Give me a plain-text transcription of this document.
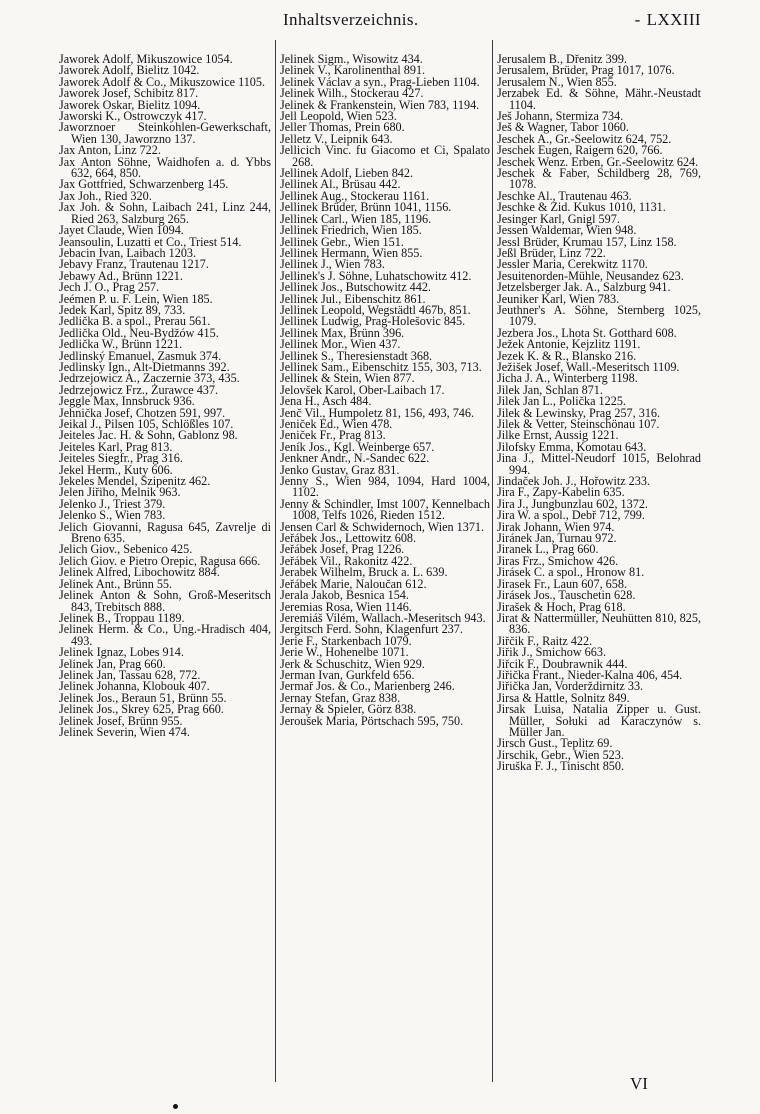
Inhaltsverzeichnis.	- LXXIII

Jaworek Adolf, Mikuszowice 1054.

Jaworek Adolf, Bielitz 1042.

Jaworek Adolf & Co., Mikuszowice 1105.

Jaworek Josef, Schibitz 817.

Jaworek Oskar, Bielitz 1094.

Jaworski K., Ostrowczyk 417.

Jaworznoer Steinkohlen-Gewerkschaft, Wien 130, Jaworzno 137.

Jax Anton, Linz 722.

Jax Anton Söhne, Waidhofen a. d. Ybbs 632, 664, 850.

Jax Gottfried, Schwarzenberg 145.

Jax Joh., Ried 320.

Jax Joh. & Sohn, Laibach 241, Linz 244, Ried 263, Salzburg 265.

Jayet Claude, Wien 1094.

Jeansoulin, Luzatti et Co., Triest 514.

Jebacin Ivan, Laibach 1203.

Jebavy Franz, Trautenau 1217.

Jebawy Ad., Brünn 1221.

Jech J. O., Prag 257.

Jeémen P. u. F. Lein, Wien 185.

Jedek Karl, Spitz 89, 733.

Jedlička B. a spol., Prerau 561.

Jedlička Old., Neu-Bydžów 415.

Jedlička W., Brünn 1221.

Jedlinský Emanuel, Zasmuk 374.

Jedlinsky Ign., Alt-Dietmanns 392.

Jedrzejowicz A., Zaczernie 373, 435.

Jedrzejowicz Frz., Żurawce 437.

Jeggle Max, Innsbruck 936.

Jehnička Josef, Chotzen 591, 997.

Jeikal J., Pilsen 105, Schlößles 107.

Jeiteles Jac. H. & Sohn, Gablonz 98.

Jeiteles Karl, Prag 813.

Jeiteles Siegfr., Prag 316.

Jekel Herm., Kuty 606.

Jekeles Mendel, Szipenitz 462.

Jelen Jiřiho, Melnik 963.

Jelenko J., Triest 379.

Jelenko S., Wien 783.

Jelich Giovanni, Ragusa 645, Zavrelje di Breno 635.

Jelich Giov., Sebenico 425.

Jelich Giov. e Pietro Orepic, Ragusa 666.

Jelinek Alfred, Libochowitz 884.

Jelinek Ant., Brünn 55.

Jelinek Anton & Sohn, Groß-Meseritsch 843, Trebitsch 888.

Jelinek B., Troppau 1189.

Jelinek Herm. & Co., Ung.-Hradisch 404, 493.

Jelinek Ignaz, Lobes 914.

Jelinek Jan, Prag 660.

Jelinek Jan, Tassau 628, 772.

Jelinek Johanna, Klobouk 407.

Jelinek Jos., Beraun 51, Brünn 55.

Jelinek Jos., Skrey 625, Prag 660.

Jelinek Josef, Brünn 955.

Jelinek Severin, Wien 474.

Jelinek Sigm., Wisowitz 434.

Jelinek V., Karolinenthal 891.

Jelinek Václav a syn., Prag-Lieben 1104.

Jelinek Wilh., Stockerau 427.

Jelinek & Frankenstein, Wien 783, 1194.

Jell Leopold, Wien 523.

Jeller Thomas, Prein 680.

Jelletz V., Leipnik 643.

Jellicich Vinc. fu Giacomo et Ci, Spalato 268.

Jellinek Adolf, Lieben 842.

Jellinek Al., Brüsau 442.

Jellinek Aug., Stockerau 1161.

Jellinek Brüder, Brünn 1041, 1156.

Jellinek Carl., Wien 185, 1196.

Jellinek Friedrich, Wien 185.

Jellinek Gebr., Wien 151.

Jellinek Hermann, Wien 855.

Jellinek J., Wien 783.

Jellinek's J. Söhne, Luhatschowitz 412.

Jellinek Jos., Butschowitz 442.

Jellinek Jul., Eibenschitz 861.

Jellinek Leopold, Wegstädtl 467b, 851.

Jellinek Ludwig, Prag-Holešovic 845.

Jellinek Max, Brünn 396.

Jellinek Mor., Wien 437.

Jellinek S., Theresienstadt 368.

Jellinek Sam., Eibenschitz 155, 303, 713.

Jellinek & Stein, Wien 877.

Jelovšek Karol, Ober-Laibach 17.

Jena H., Asch 484.

Jenč Vil., Humpoletz 81, 156, 493, 746.

Jeniček Ed., Wien 478.

Jeniček Fr., Prag 813.

Jeník Jos., Kgl. Weinberge 657.

Jenkner Andr., N.-Sandec 622.

Jenko Gustav, Graz 831.

Jenny S., Wien 984, 1094, Hard 1004, 1102.

Jenny & Schindler, Imst 1007, Kennelbach 1008, Telfs 1026, Rieden 1512.

Jensen Carl & Schwidernoch, Wien 1371.

Jeřábek Jos., Lettowitz 608.

Jeřábek Josef, Prag 1226.

Jeřábek Vil., Rakonitz 422.

Jerabek Wilhelm, Bruck a. L. 639.

Jeřábek Marie, Naloučan 612.

Jerala Jakob, Besnica 154.

Jeremias Rosa, Wien 1146.

Jeremiáš Vilém, Wallach.-Meseritsch 943.

Jergitsch Ferd. Sohn, Klagenfurt 237.

Jerie F., Starkenbach 1079.

Jerie W., Hohenelbe 1071.

Jerk & Schuschitz, Wien 929.

Jerman Ivan, Gurkfeld 656.

Jermař Jos. & Co., Marienberg 246.

Jernay Stefan, Graz 838.

Jernay & Spieler, Görz 838.

Jeroušek Maria, Pörtschach 595, 750.

Jerusalem B., Dřenitz 399.

Jerusalem, Brüder, Prag 1017, 1076.

Jerusalem N., Wien 855.

Jerzabek Ed. & Söhne, Mähr.-Neustadt 1104.

Ješ Johann, Stermiza 734.

Ješ & Wagner, Tabor 1060.

Jeschek A., Gr.-Seelowitz 624, 752.

Jeschek Eugen, Raigern 620, 766.

Jeschek Wenz. Erben, Gr.-Seelowitz 624.

Jeschek & Faber, Schildberg 28, 769, 1078.

Jeschke Al., Trautenau 463.

Jeschke & Zid. Kukus 1010, 1131.

Jesinger Karl, Gnigl 597.

Jessen Waldemar, Wien 948.

Jessl Brüder, Krumau 157, Linz 158.

Jeßl Brüder, Linz 722.

Jessler Maria, Cerekwitz 1170.

Jesuitenorden-Mühle, Neusandez 623.

Jetzelsberger Jak. A., Salzburg 941.

Jeuniker Karl, Wien 783.

Jeuthner's A. Söhne, Sternberg 1025, 1079.

Jezbera Jos., Lhota St. Gotthard 608.

Ježek Antonie, Kejzlitz 1191.

Jezek K. & R., Blansko 216.

Ježišek Josef, Wall.-Meseritsch 1109.

Jicha J. A., Winterberg 1198.

Jilek Jan, Schlan 871.

Jilek Jan L., Polička 1225.

Jilek & Lewinsky, Prag 257, 316.

Jilek & Vetter, Steinschönau 107.

Jilke Ernst, Aussig 1221.

Jilofsky Emma, Komotau 643.

Jina J., Mittel-Neudorf 1015, Belohrad 994.

Jindaček Joh. J., Hořowitz 233.

Jira F., Zapy-Kabelin 635.

Jira J., Jungbunzlau 602, 1372.

Jira W. a spol., Debř 712, 799.

Jirak Johann, Wien 974.

Jiránek Jan, Turnau 972.

Jiranek L., Prag 660.

Jiras Frz., Smichow 426.

Jirásek C. a spol., Hronow 81.

Jirasek Fr., Laun 607, 658.

Jirásek Jos., Tauschetin 628.

Jirašek & Hoch, Prag 618.

Jirat & Nattermüller, Neuhütten 810, 825, 836.

Jiřčik F., Raitz 422.

Jiřik J., Smichow 663.

Jiřcik F., Doubrawnik 444.

Jiřička Frant., Nieder-Kalna 406, 454.

Jiřička Jan, Vorderždirnitz 33.

Jirsa & Hattle, Solnitz 849.

Jirsak Luisa, Natalia Zipper u. Gust. Müller, Sołuki ad Karaczynów s. Müller Jan.

Jirsch Gust., Teplitz 69.

Jirschik, Gebr., Wien 523.

Jiruška F. J., Tinischt 850.

VI
